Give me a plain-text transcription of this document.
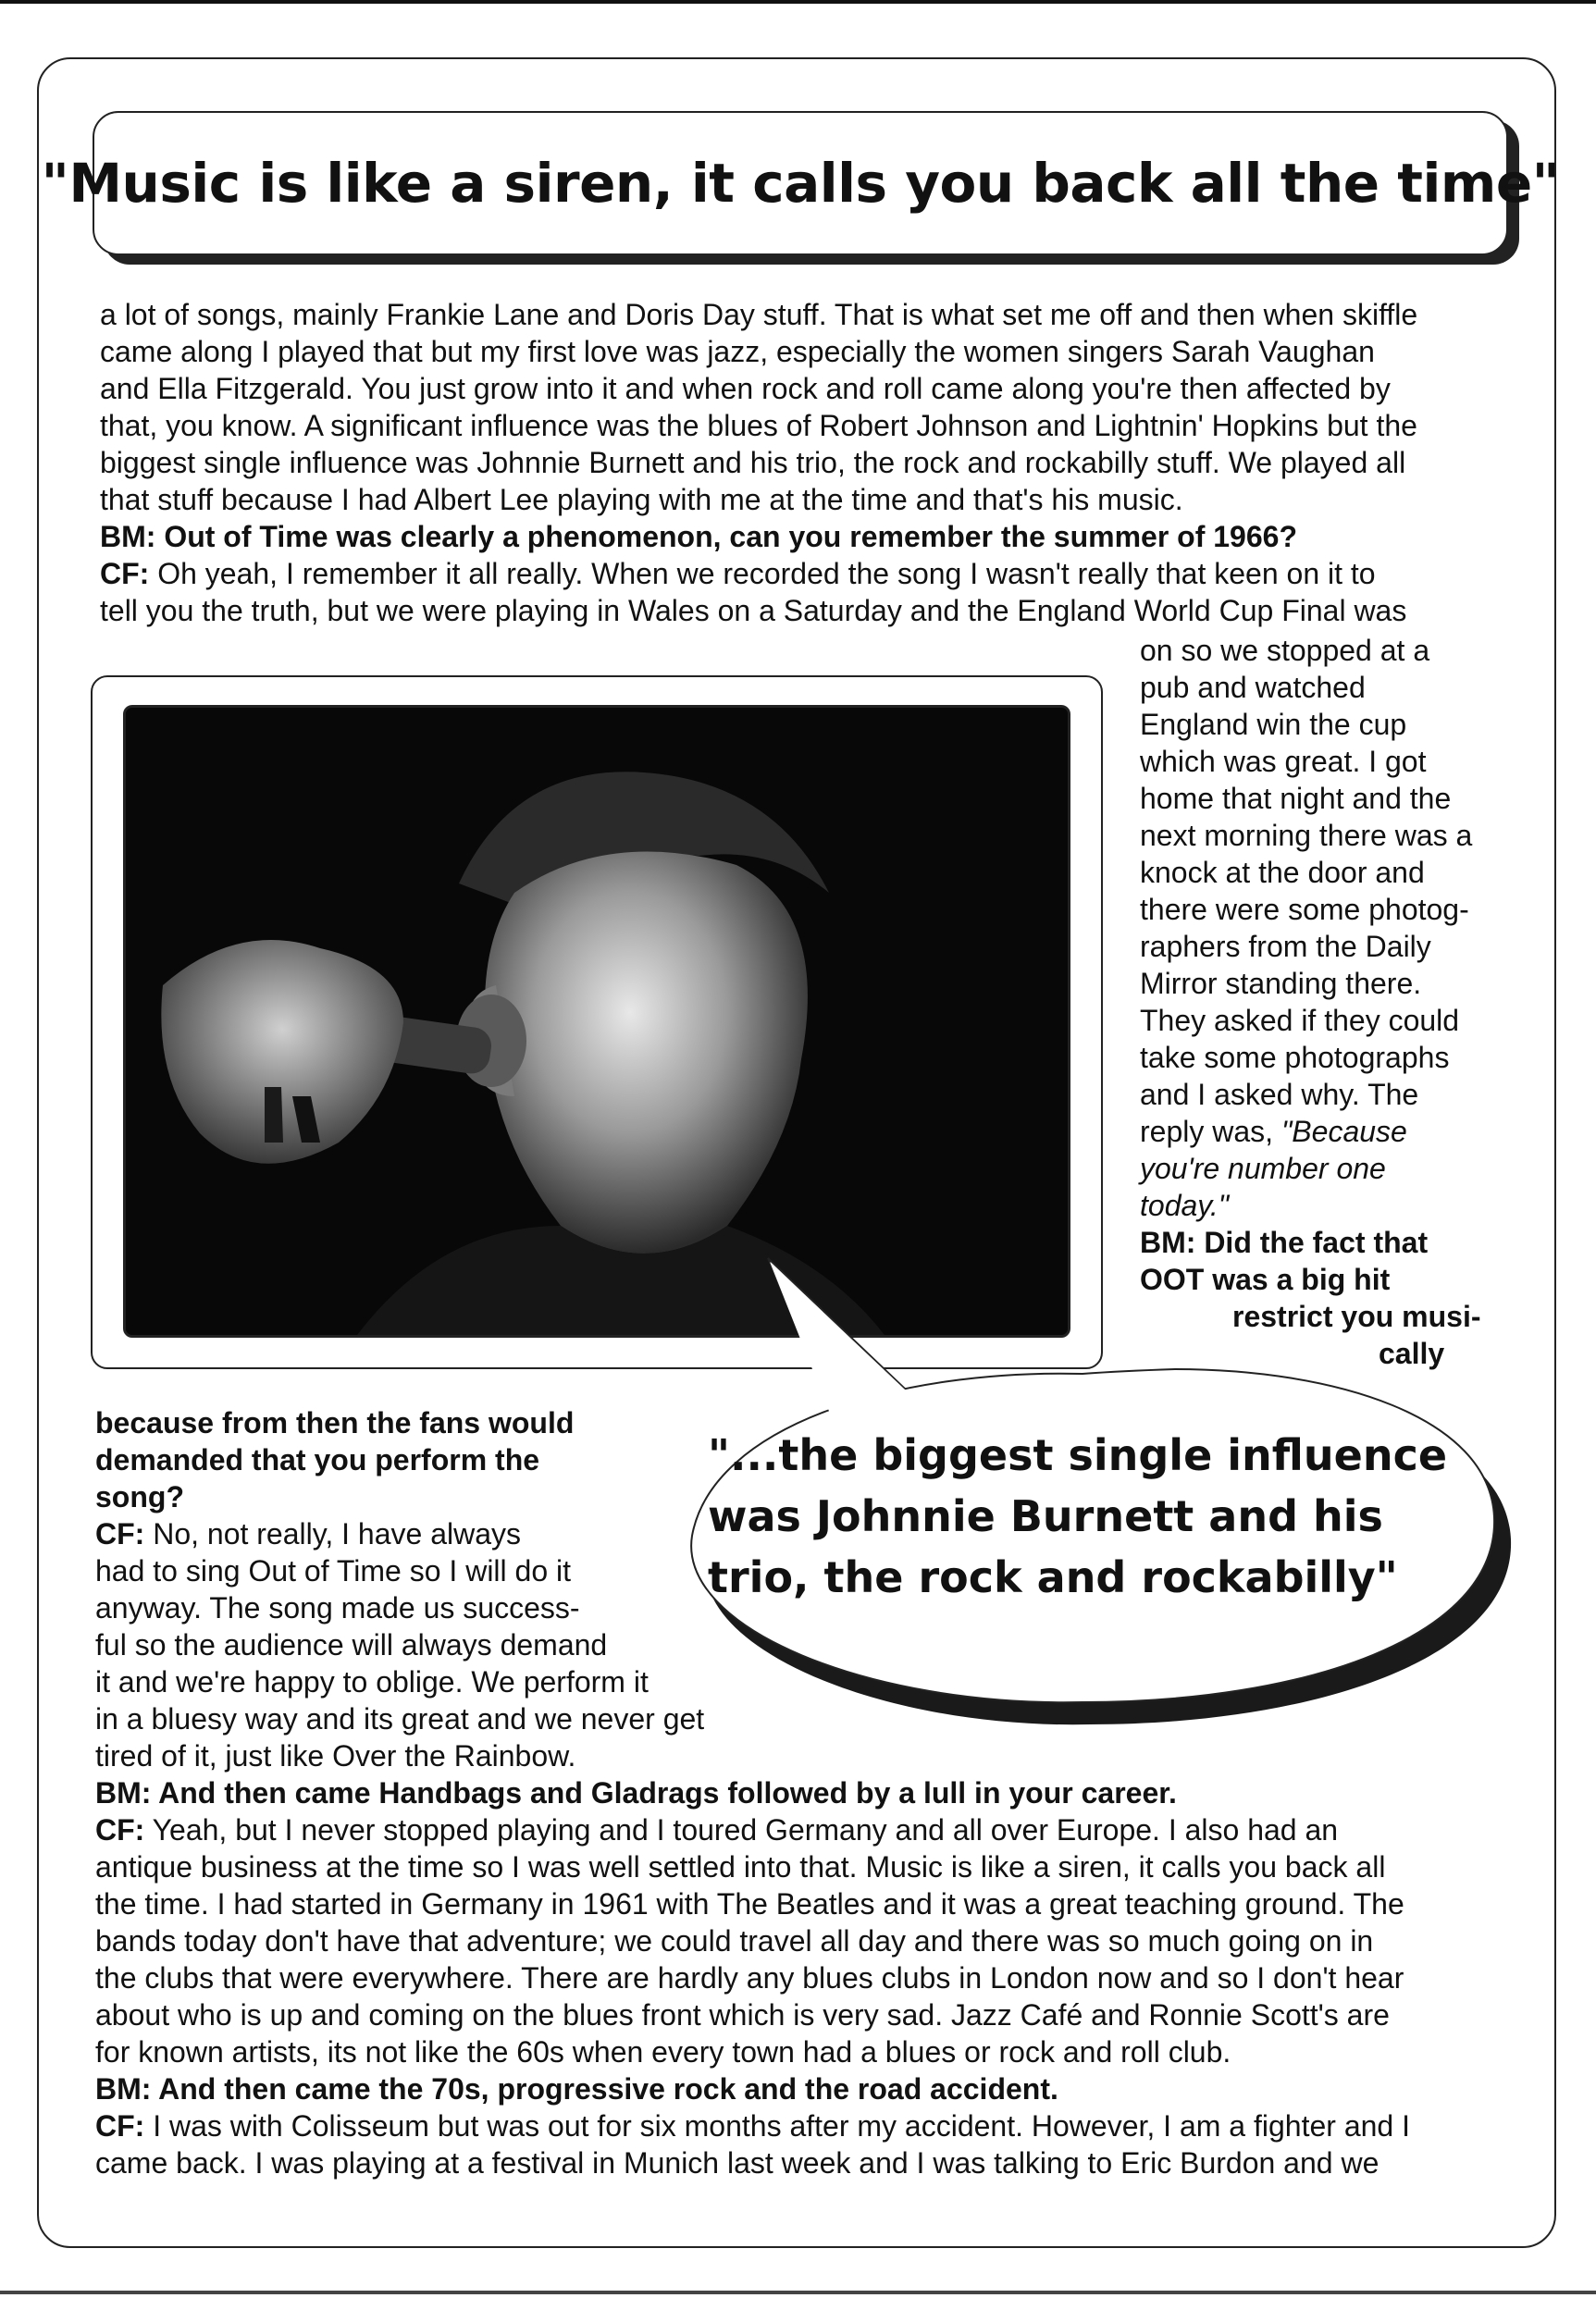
"Music is like a siren, it calls you back all the time"
a lot of songs, mainly Frankie Lane and Doris Day stuff. That is what set me off and then when skiffle
came along I played that but my first love was jazz, especially the women singers Sarah Vaughan
and Ella Fitzgerald. You just grow into it and when rock and roll came along you're then affected by
that, you know. A significant influence was the blues of Robert Johnson and Lightnin' Hopkins but the
biggest single influence was Johnnie Burnett and his trio, the rock and rockabilly stuff. We played all
that stuff because I had Albert Lee playing with me at the time and that's his music.
BM: Out of Time was clearly a phenomenon, can you remember the summer of 1966?
CF: Oh yeah, I remember it all really. When we recorded the song I wasn't really that keen on it to
tell you the truth, but we were playing in Wales on a Saturday and the England World Cup Final was
on so we stopped at a
pub and watched
England win the cup
which was great. I got
home that night and the
next morning there was a
knock at the door and
there were some photog-
raphers from the Daily
Mirror standing there.
They asked if they could
take some photographs
and I asked why. The
reply was, "Because
you're number one
today."
BM: Did the fact that
OOT was a big hit
restrict you musi-
cally
"...the biggest single influence
was Johnnie Burnett and his
trio, the rock and rockabilly"
because from then the fans would
demanded that you perform the
song?
CF: No, not really, I have always
had to sing Out of Time so I will do it
anyway. The song made us success-
ful so the audience will always demand
it and we're happy to oblige. We perform it
in a bluesy way and its great and we never get
tired of it, just like Over the Rainbow.
BM: And then came Handbags and Gladrags followed by a lull in your career.
CF: Yeah, but I never stopped playing and I toured Germany and all over Europe. I also had an
antique business at the time so I was well settled into that. Music is like a siren, it calls you back all
the time. I had started in Germany in 1961 with The Beatles and it was a great teaching ground. The
bands today don't have that adventure; we could travel all day and there was so much going on in
the clubs that were everywhere. There are hardly any blues clubs in London now and so I don't hear
about who is up and coming on the blues front which is very sad. Jazz Café and Ronnie Scott's are
for known artists, its not like the 60s when every town had a blues or rock and roll club.
BM: And then came the 70s, progressive rock and the road accident.
CF: I was with Colisseum but was out for six months after my accident. However, I am a fighter and I
came back. I was playing at a festival in Munich last week and I was talking to Eric Burdon and we
